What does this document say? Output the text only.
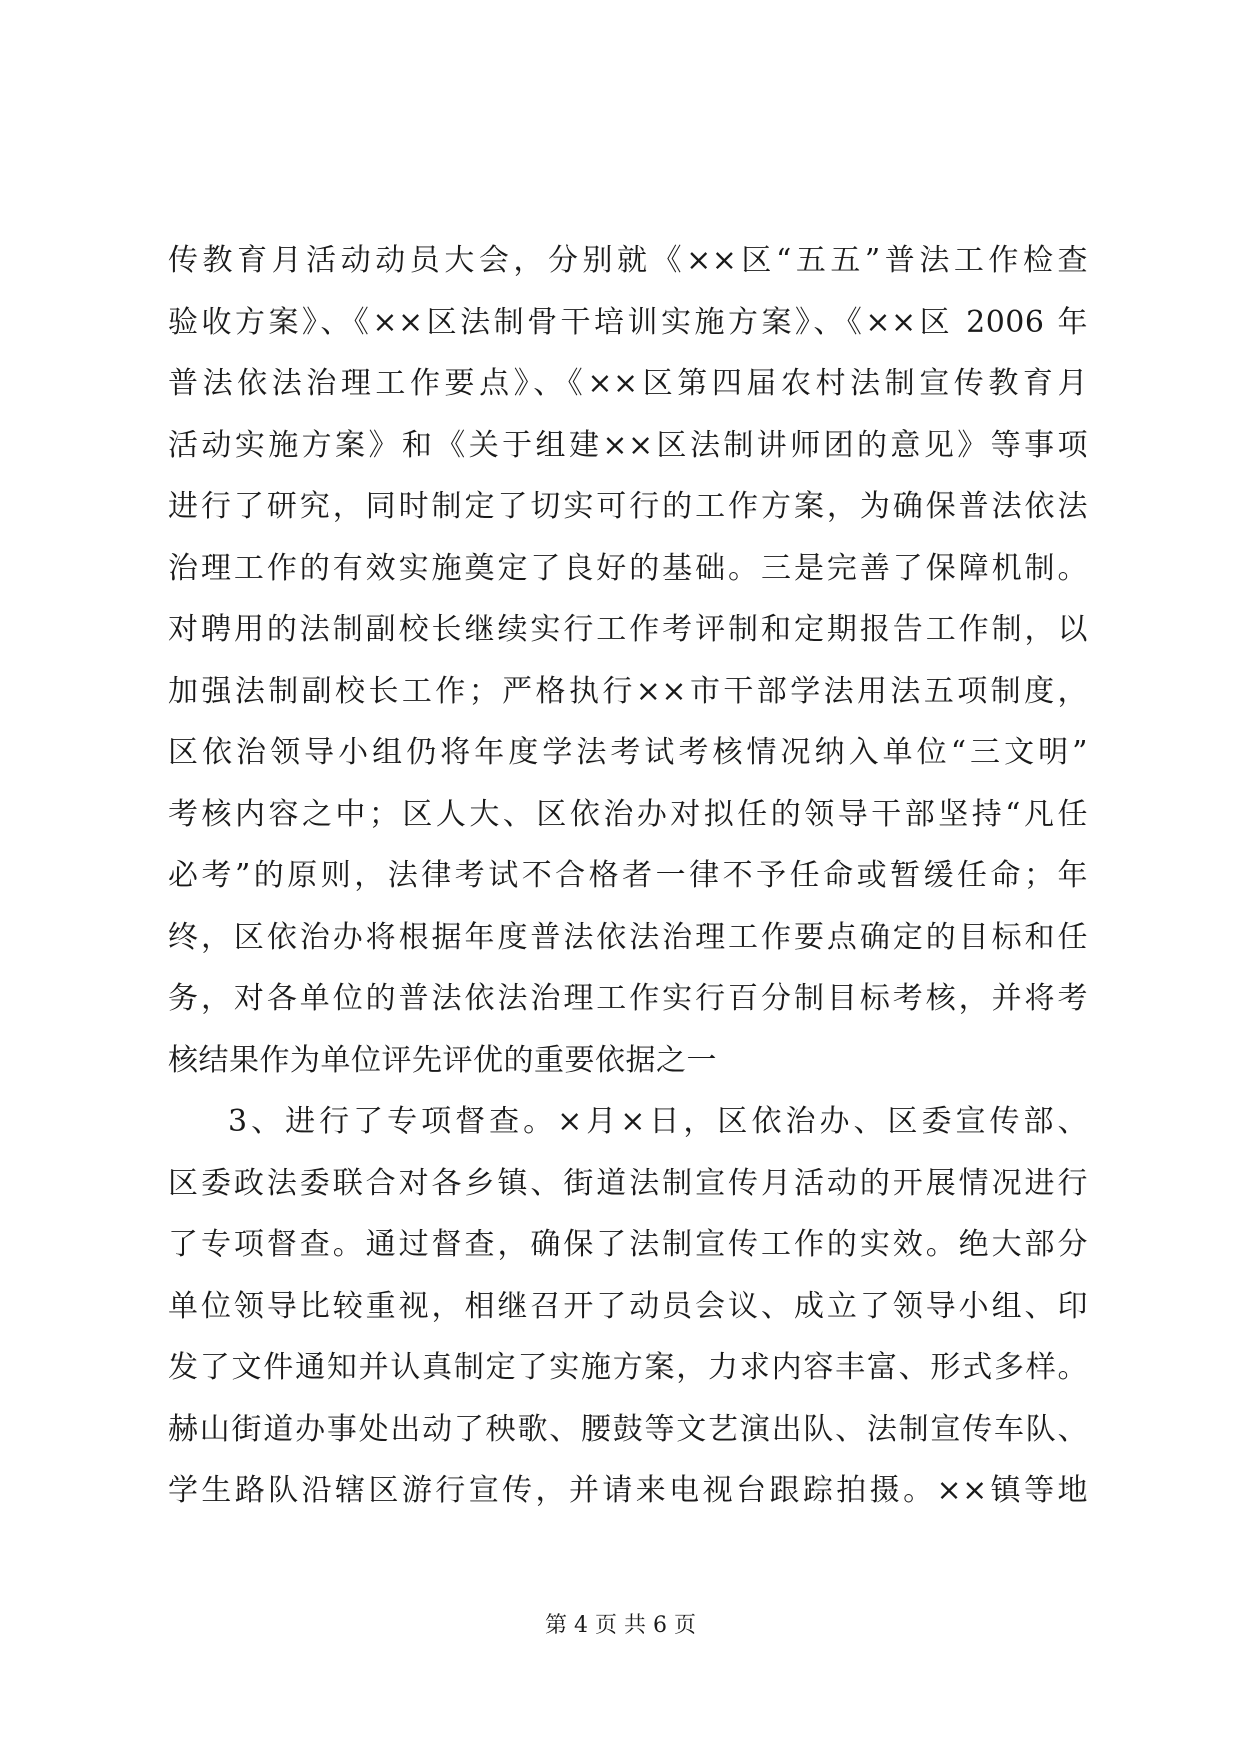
传教育月活动动员大会，分别就《××区“五五”普法工作检查
验收方案》、《××区法制骨干培训实施方案》、《××区 2006 年
普法依法治理工作要点》、《××区第四届农村法制宣传教育月
活动实施方案》和《关于组建××区法制讲师团的意见》等事项
进行了研究，同时制定了切实可行的工作方案，为确保普法依法
治理工作的有效实施奠定了良好的基础。三是完善了保障机制。
对聘用的法制副校长继续实行工作考评制和定期报告工作制，以
加强法制副校长工作；严格执行××市干部学法用法五项制度，
区依治领导小组仍将年度学法考试考核情况纳入单位“三文明”
考核内容之中；区人大、区依治办对拟任的领导干部坚持“凡任
必考”的原则，法律考试不合格者一律不予任命或暂缓任命；年
终，区依治办将根据年度普法依法治理工作要点确定的目标和任
务，对各单位的普法依法治理工作实行百分制目标考核，并将考
核结果作为单位评先评优的重要依据之一
3、进行了专项督查。×月×日，区依治办、区委宣传部、
区委政法委联合对各乡镇、街道法制宣传月活动的开展情况进行
了专项督查。通过督查，确保了法制宣传工作的实效。绝大部分
单位领导比较重视，相继召开了动员会议、成立了领导小组、印
发了文件通知并认真制定了实施方案，力求内容丰富、形式多样。
赫山街道办事处出动了秧歌、腰鼓等文艺演出队、法制宣传车队、
学生路队沿辖区游行宣传，并请来电视台跟踪拍摄。××镇等地
第 4 页 共 6 页
